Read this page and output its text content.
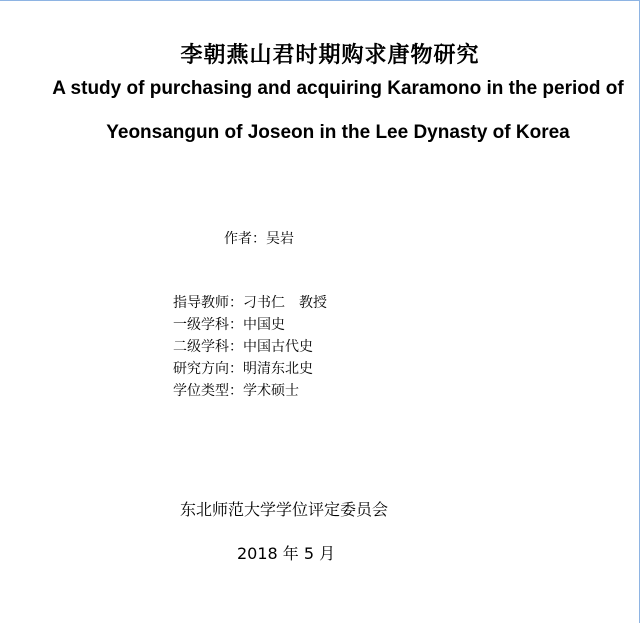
李朝燕山君时期购求唐物研究
A study of purchasing and acquiring Karamono in the period of
Yeonsangun of Joseon in the Lee Dynasty of Korea
作者：吴岩
指导教师：刁书仁　教授
一级学科：中国史
二级学科：中国古代史
研究方向：明清东北史
学位类型：学术硕士
东北师范大学学位评定委员会
2018 年 5 月
